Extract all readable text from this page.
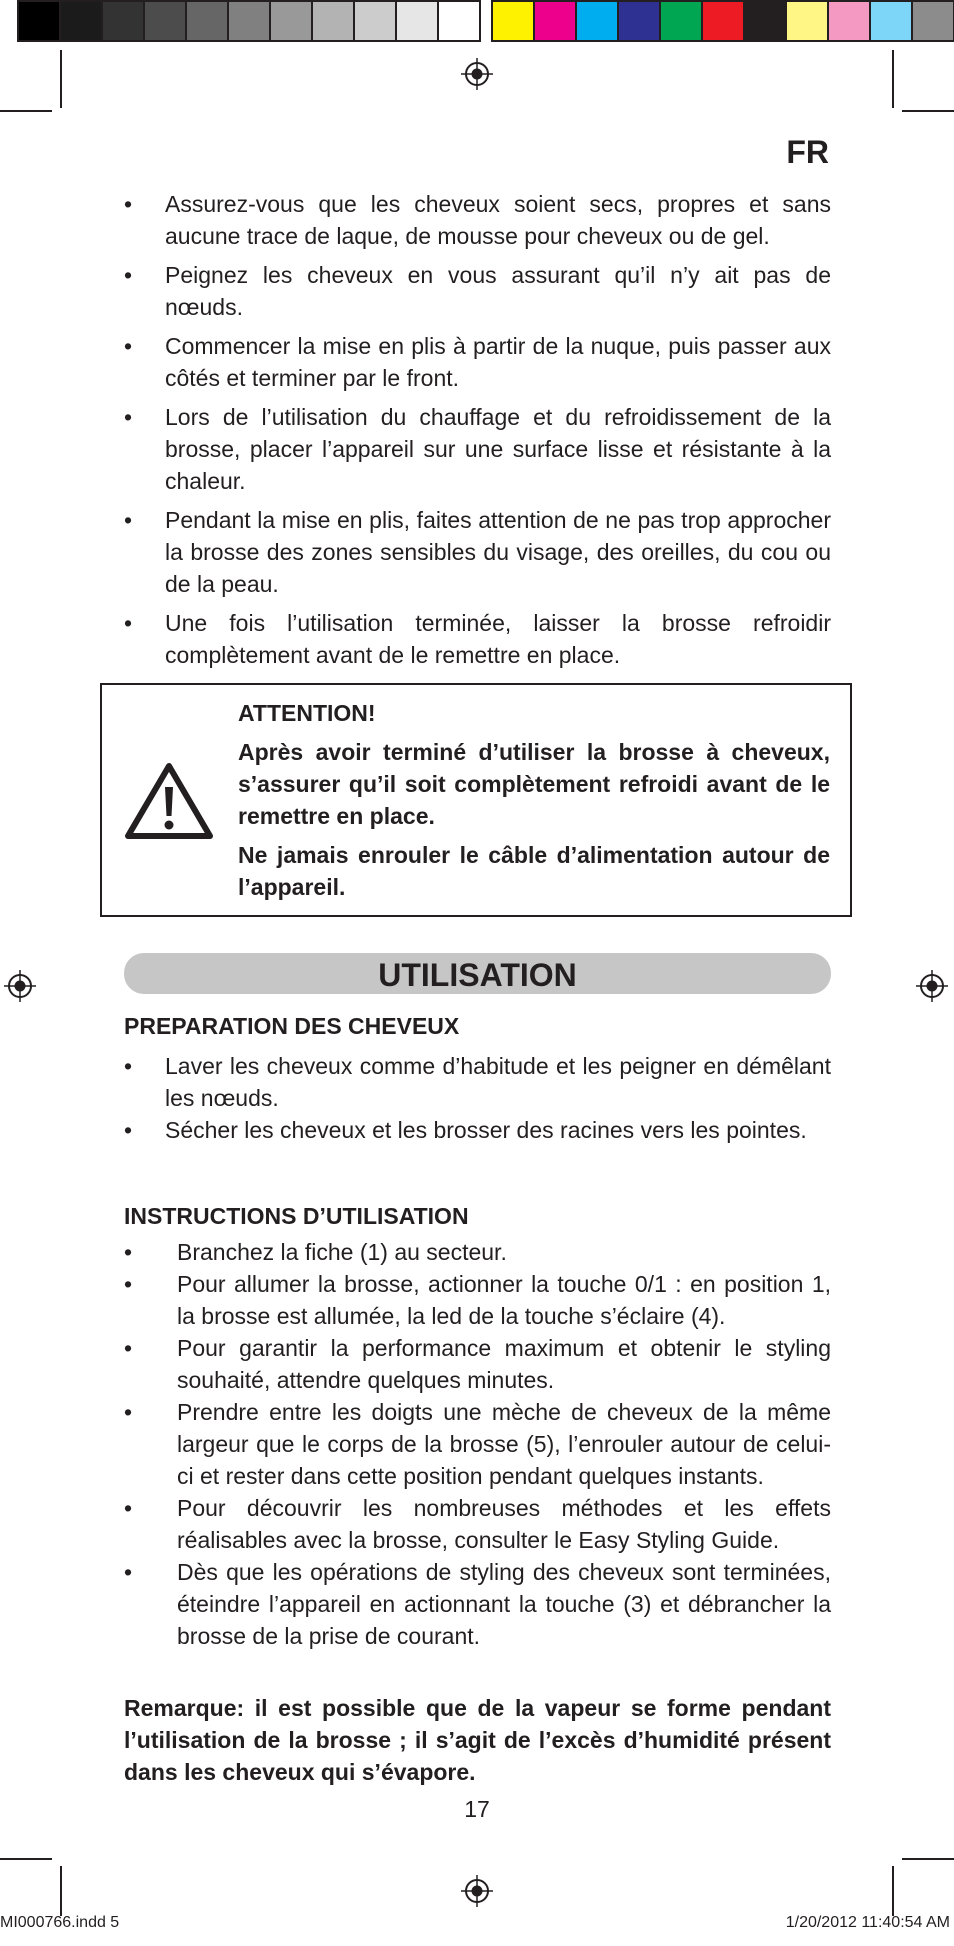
FR
• Assurez-vous que les cheveux soient secs, propres et sans aucune trace de laque, de mousse pour cheveux ou de gel.
• Peignez les cheveux en vous assurant qu’il n’y ait pas de nœuds.
• Commencer la mise en plis à partir de la nuque, puis passer aux côtés et terminer par le front.
• Lors de l’utilisation du chauffage et du refroidissement de la brosse, placer l’appareil sur une surface lisse et résistante à la chaleur.
• Pendant la mise en plis, faites attention de ne pas trop approcher la brosse des zones sensibles du visage, des oreilles, du cou ou de la peau.
• Une fois l’utilisation terminée, laisser la brosse refroidir complètement avant de le remettre en place.

ATTENTION!

Après avoir terminé d’utiliser la brosse à cheveux, s’assurer qu’il soit complètement refroidi avant de le remettre en place.

Ne jamais enrouler le câble d’alimentation autour de l’appareil.

UTILISATION
PREPARATION DES CHEVEUX
• Laver les cheveux comme d’habitude et les peigner en démêlant les nœuds.
• Sécher les cheveux et les brosser des racines vers les pointes.
INSTRUCTIONS D’UTILISATION
• Branchez la fiche (1) au secteur.
• Pour allumer la brosse, actionner la touche 0/1 : en position 1, la brosse est allumée, la led de la touche s’éclaire (4).
• Pour garantir la performance maximum et obtenir le styling souhaité, attendre quelques minutes.
• Prendre entre les doigts une mèche de cheveux de la même largeur que le corps de la brosse (5), l’enrouler autour de celui-ci et rester dans cette position pendant quelques instants.
• Pour découvrir les nombreuses méthodes et les effets réalisables avec la brosse, consulter le Easy Styling Guide.
• Dès que les opérations de styling des cheveux sont terminées, éteindre l’appareil en actionnant la touche (3) et débrancher la brosse de la prise de courant.

Remarque: il est possible que de la vapeur se forme pendant l’utilisation de la brosse ; il s’agit de l’excès d’humidité présent dans les cheveux qui s’évapore.

17
MI000766.indd 5	1/20/2012 11:40:54 AM
